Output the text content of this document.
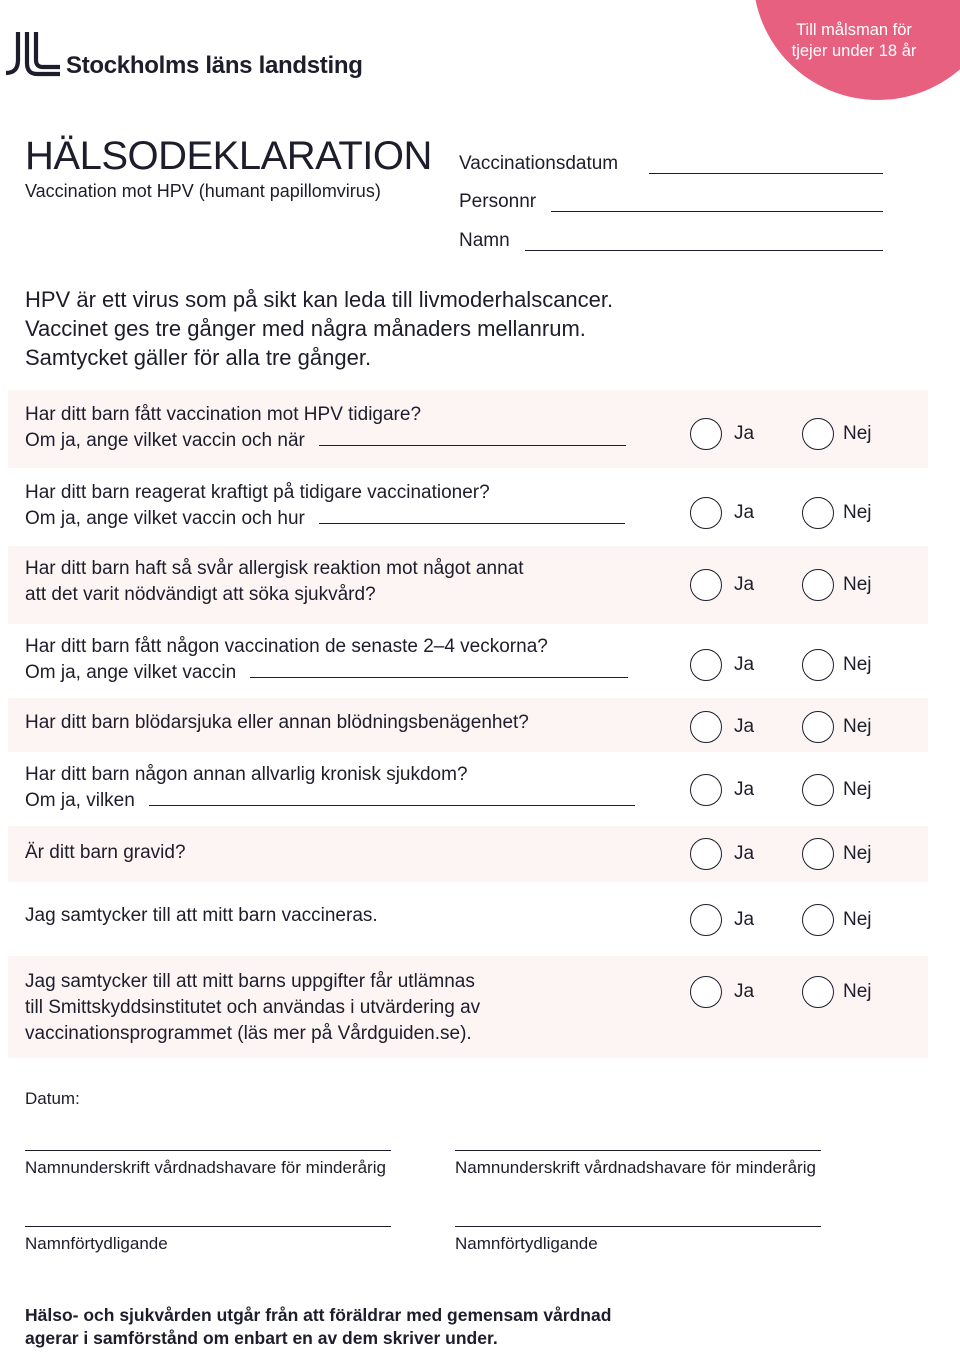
Stockholms läns landsting
Till målsman för
tjejer under 18 år
HÄLSODEKLARATION
Vaccination mot HPV (humant papillomvirus)
Vaccinationsdatum
Personnr
Namn
HPV är ett virus som på sikt kan leda till livmoderhalscancer.
Vaccinet ges tre gånger med några månaders mellanrum.
Samtycket gäller för alla tre gånger.
Har ditt barn fått vaccination mot HPV tidigare?
Om ja, ange vilket vaccin och när	Ja	Nej
Har ditt barn reagerat kraftigt på tidigare vaccinationer?
Om ja, ange vilket vaccin och hur	Ja	Nej
Har ditt barn haft så svår allergisk reaktion mot något annat
att det varit nödvändigt att söka sjukvård?	Ja	Nej
Har ditt barn fått någon vaccination de senaste 2–4 veckorna?
Om ja, ange vilket vaccin	Ja	Nej
Har ditt barn blödarsjuka eller annan blödningsbenägenhet?	Ja	Nej
Har ditt barn någon annan allvarlig kronisk sjukdom?
Om ja, vilken
Ja	Nej
Är ditt barn gravid?	Ja	Nej
Jag samtycker till att mitt barn vaccineras.	Ja	Nej
Jag samtycker till att mitt barns uppgifter får utlämnas
till Smittskyddsinstitutet och användas i utvärdering av
vaccinationsprogrammet (läs mer på Vårdguiden.se).
Ja	Nej
Datum:
Namnunderskrift vårdnadshavare för minderårig	Namnunderskrift vårdnadshavare för minderårig
Namnförtydligande	Namnförtydligande
Hälso- och sjukvården utgår från att föräldrar med gemensam vårdnad
agerar i samförstånd om enbart en av dem skriver under.
